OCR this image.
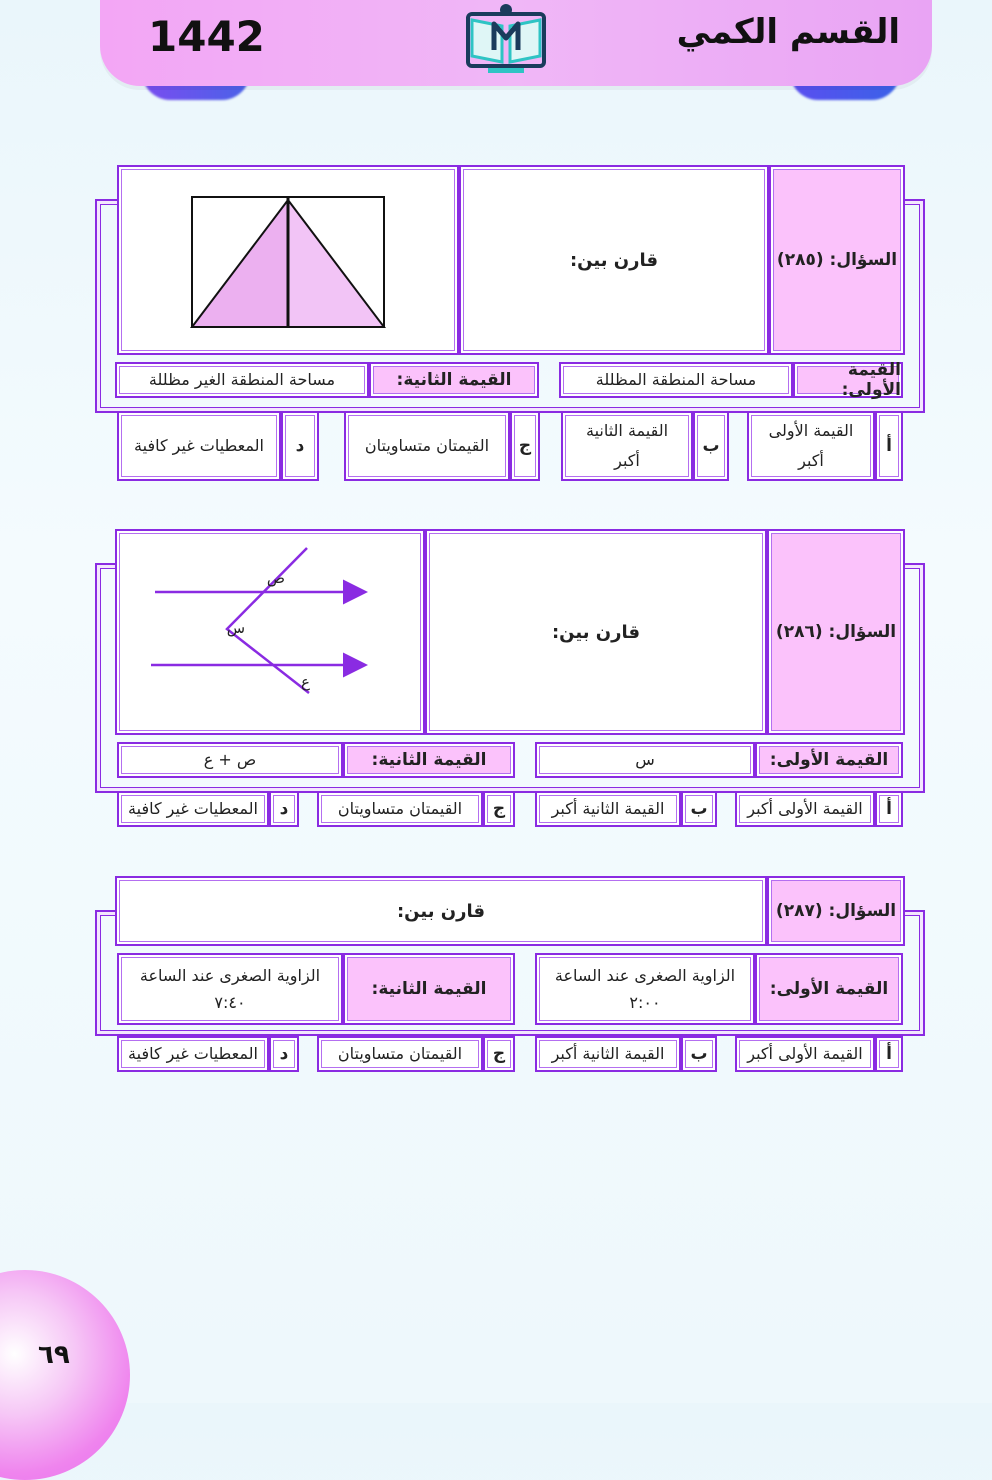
1442	القسم الكمي
السؤال: (٢٨٥)
قارن بين:
القيمة الأولى:
مساحة المنطقة المظللة
القيمة الثانية:
مساحة المنطقة الغير مظللة
أ
القيمة الأولى
أكبر
ب
القيمة الثانية
أكبر
ج
القيمتان متساويتان
د
المعطيات غير كافية
السؤال: (٢٨٦)
قارن بين:
ص
س
ع
القيمة الأولى:
س
القيمة الثانية:
ص + ع
أ
القيمة الأولى أكبر
ب
القيمة الثانية أكبر
ج
القيمتان متساويتان
د
المعطيات غير كافية
السؤال: (٢٨٧)
قارن بين:
القيمة الأولى:
الزاوية الصغرى عند الساعة
٢:٠٠
القيمة الثانية:
الزاوية الصغرى عند الساعة
٧:٤٠
أ
القيمة الأولى أكبر
ب
القيمة الثانية أكبر
ج
القيمتان متساويتان
د
المعطيات غير كافية
٦٩
